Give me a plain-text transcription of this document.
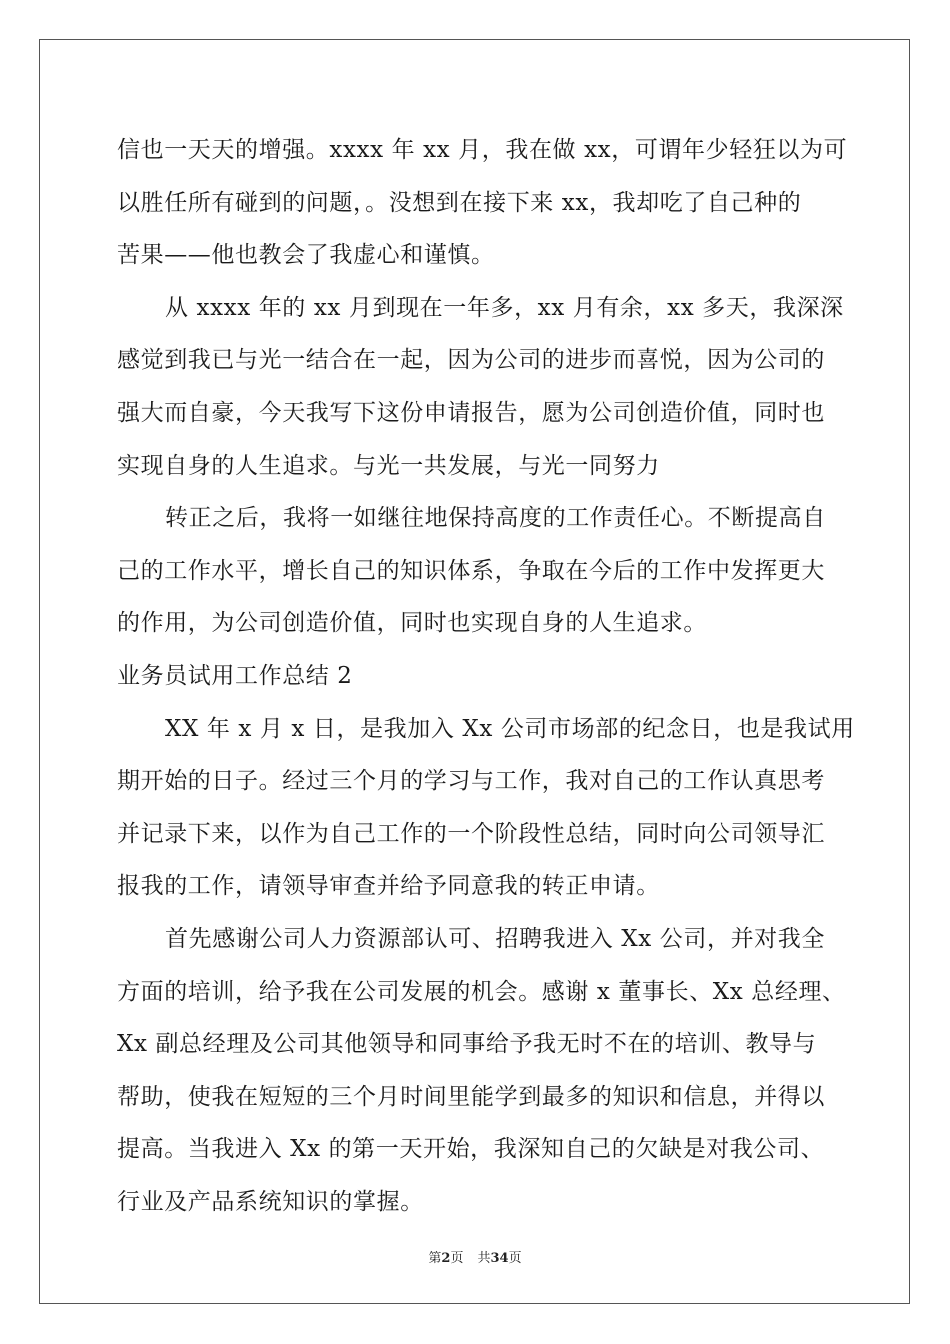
信也一天天的增强。xxxx 年 xx 月，我在做 xx，可谓年少轻狂以为可
以胜任所有碰到的问题，。没想到在接下来 xx，我却吃了自己种的
苦果——他也教会了我虚心和谨慎。

从 xxxx 年的 xx 月到现在一年多，xx 月有余，xx 多天，我深深
感觉到我已与光一结合在一起，因为公司的进步而喜悦，因为公司的
强大而自豪，今天我写下这份申请报告，愿为公司创造价值，同时也
实现自身的人生追求。与光一共发展，与光一同努力

转正之后，我将一如继往地保持高度的工作责任心。不断提高自
己的工作水平，增长自己的知识体系，争取在今后的工作中发挥更大
的作用，为公司创造价值，同时也实现自身的人生追求。

业务员试用工作总结 2

XX 年 x 月 x 日，是我加入 Xx 公司市场部的纪念日，也是我试用
期开始的日子。经过三个月的学习与工作，我对自己的工作认真思考
并记录下来，以作为自己工作的一个阶段性总结，同时向公司领导汇
报我的工作，请领导审查并给予同意我的转正申请。

首先感谢公司人力资源部认可、招聘我进入 Xx 公司，并对我全
方面的培训，给予我在公司发展的机会。感谢 x 董事长、Xx 总经理、
Xx 副总经理及公司其他领导和同事给予我无时不在的培训、教导与
帮助，使我在短短的三个月时间里能学到最多的知识和信息，并得以
提高。当我进入 Xx 的第一天开始，我深知自己的欠缺是对我公司、
行业及产品系统知识的掌握。

第2页 共34页
